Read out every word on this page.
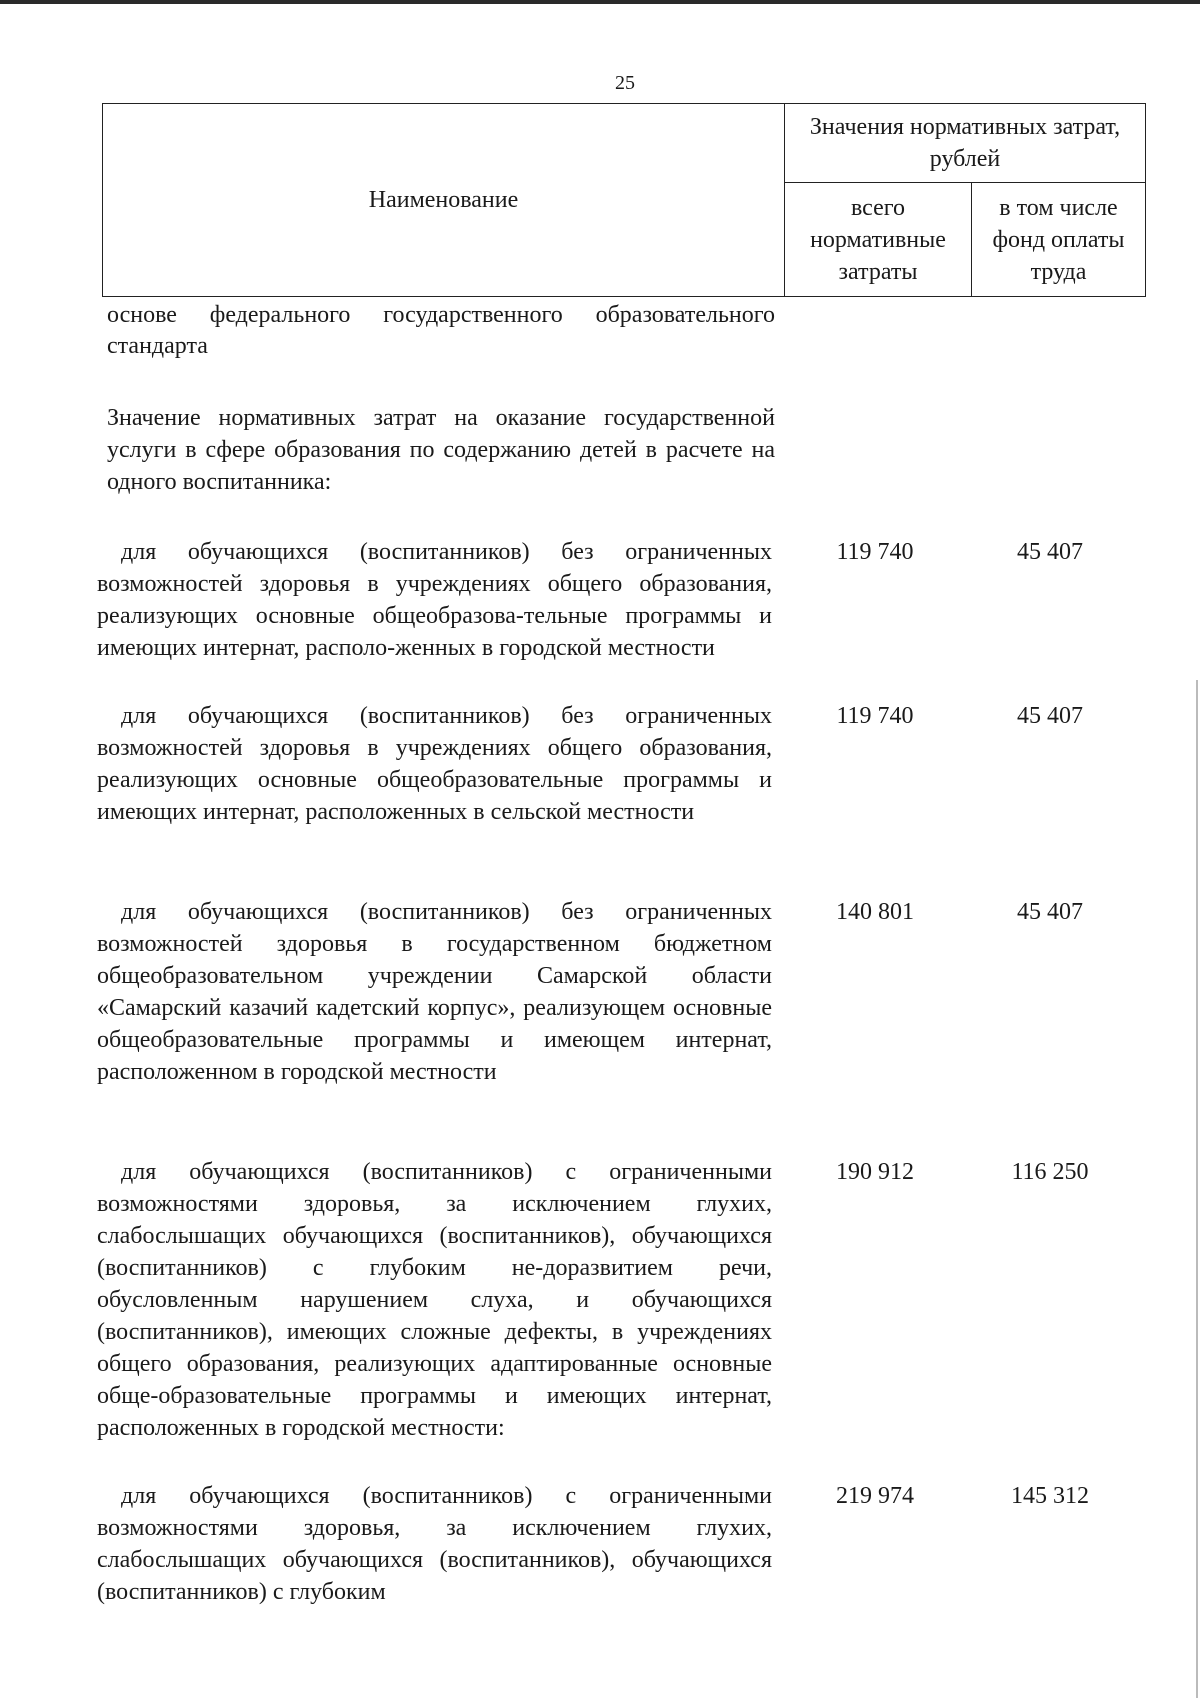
25
Наименование	Значения нормативных затрат, рублей	
	всего нормативные затраты	в том числе фонд оплаты труда
основе федерального государственного образовательного стандарта
Значение нормативных затрат на оказание государственной услуги в сфере образования по содержанию детей в расчете на одного воспитанника:
для обучающихся (воспитанников) без ограниченных возможностей здоровья в учреждениях общего образования, реализующих основные общеобразова-тельные программы и имеющих интернат, располо-женных в городской местности
119 740	45 407
для обучающихся (воспитанников) без ограниченных возможностей здоровья в учреждениях общего образования, реализующих основные общеобразовательные программы и имеющих интернат, расположенных в сельской местности
119 740	45 407
для обучающихся (воспитанников) без ограниченных возможностей здоровья в государственном бюджетном общеобразовательном учреждении Самарской области «Самарский казачий кадетский корпус», реализующем основные общеобразовательные программы и имеющем интернат, расположенном в городской местности
140 801	45 407
для обучающихся (воспитанников) с ограниченными возможностями здоровья, за исключением глухих, слабослышащих обучающихся (воспитанников), обучающихся (воспитанников) с глубоким не-доразвитием речи, обусловленным нарушением слуха, и обучающихся (воспитанников), имеющих сложные дефекты, в учреждениях общего образования, реализующих адаптированные основные обще-образовательные программы и имеющих интернат, расположенных в городской местности:
190 912	116 250
для обучающихся (воспитанников) с ограниченными возможностями здоровья, за исключением глухих, слабослышащих обучающихся (воспитанников), обучающихся (воспитанников) с глубоким
219 974	145 312
